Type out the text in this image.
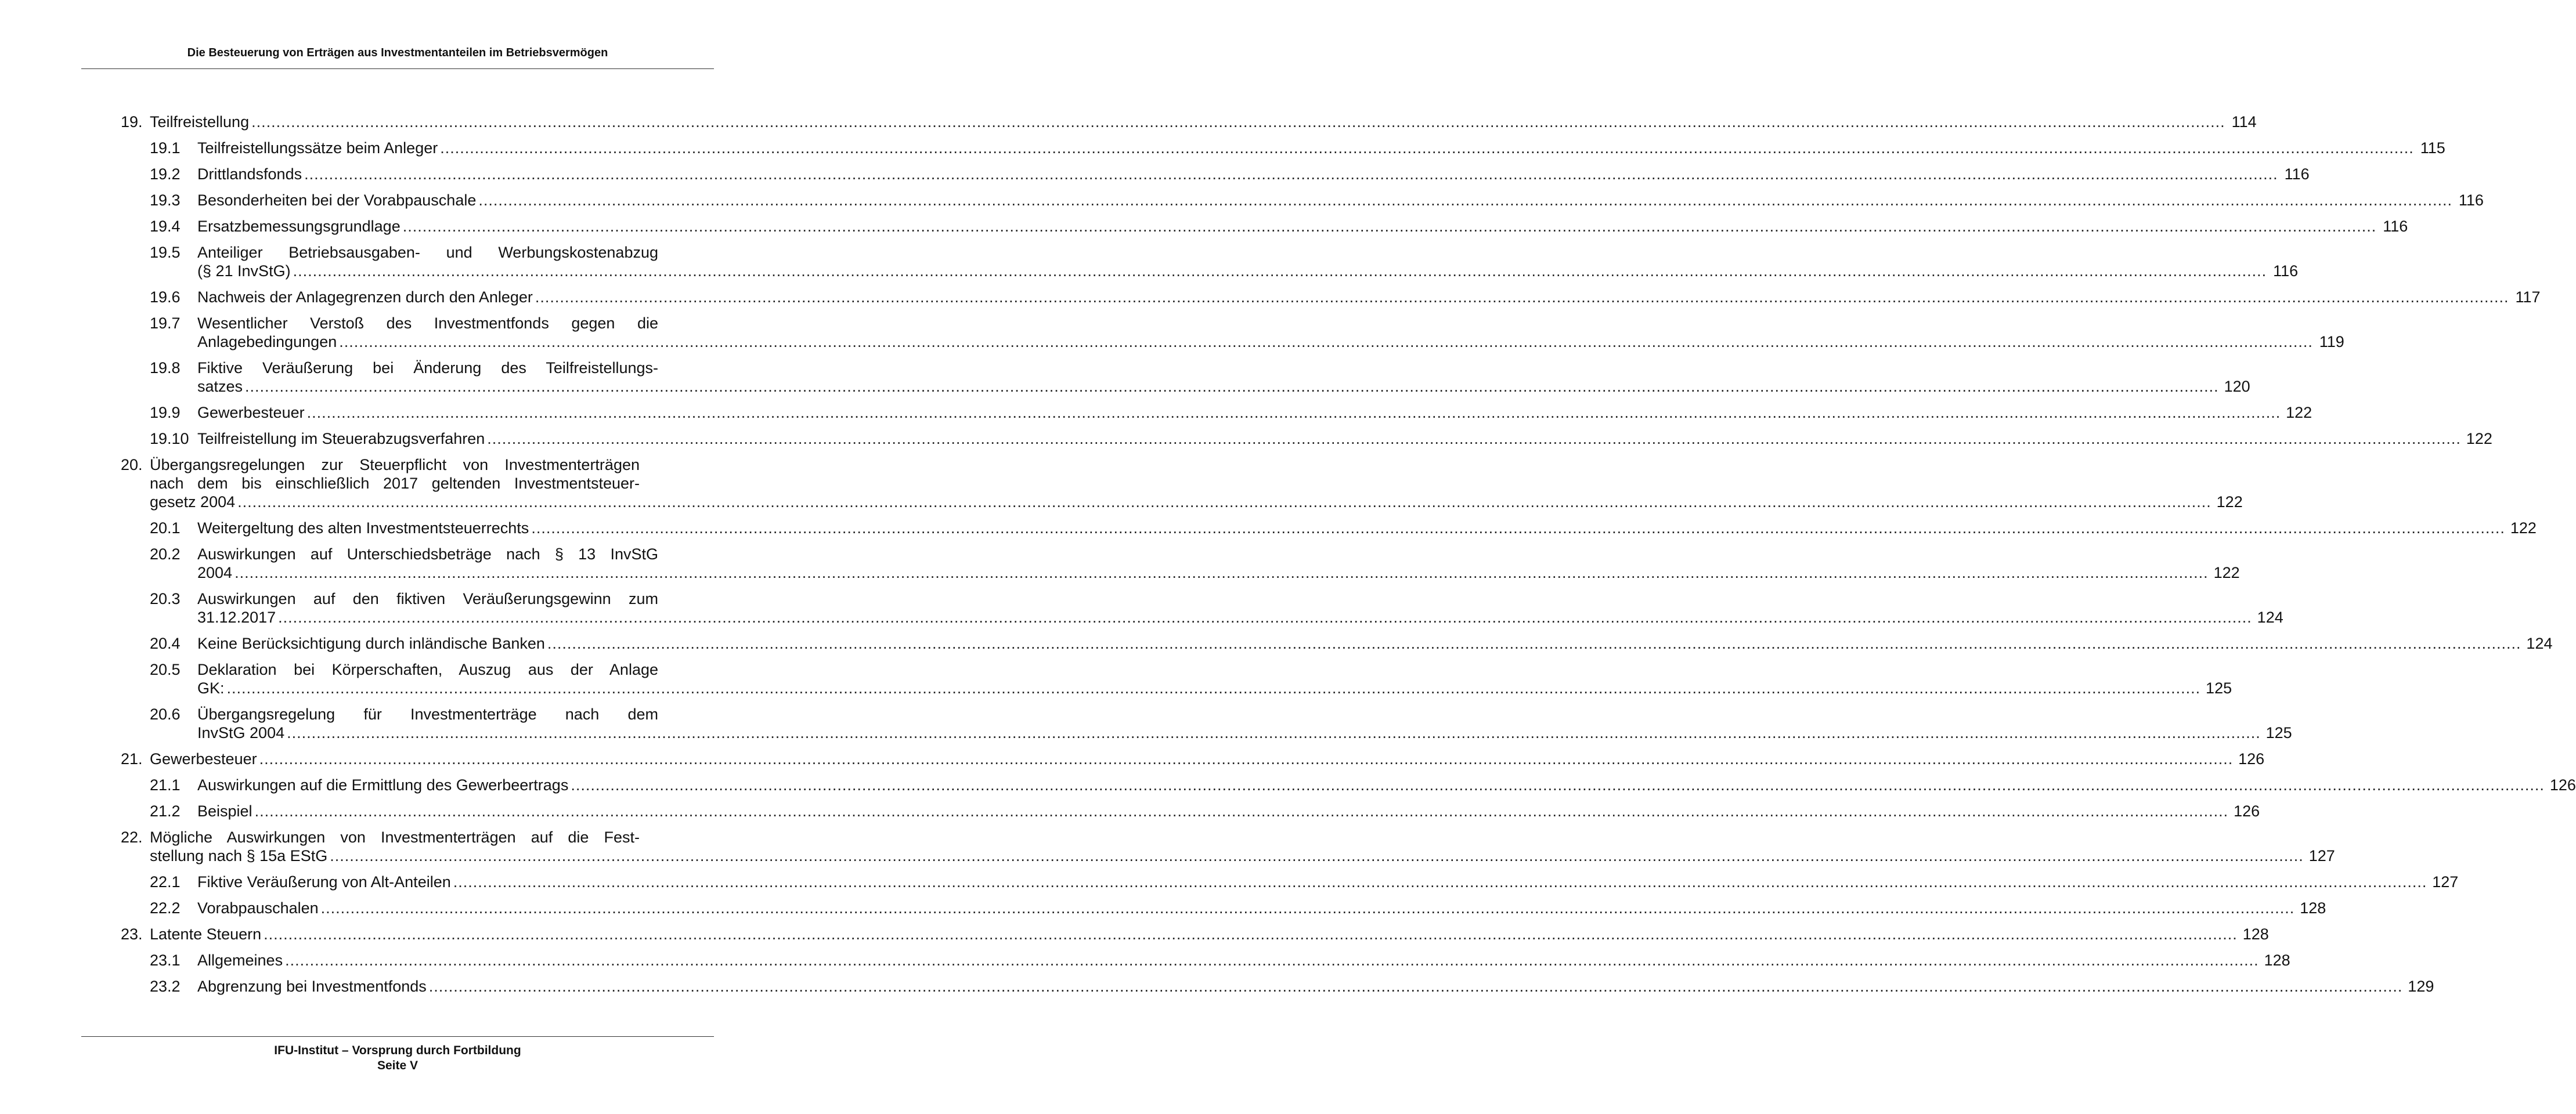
Die Besteuerung von Erträgen aus Investmentanteilen im Betriebsvermögen
19. Teilfreistellung ................................................................................................................................................................................................................................................................................................................................................................................................................ 114
19.1	Teilfreistellungssätze beim Anleger ................................................................................................................................................................................................................................................................................................................................................................................................................ 115
19.2	Drittlandsfonds ................................................................................................................................................................................................................................................................................................................................................................................................................ 116
19.3	Besonderheiten bei der Vorabpauschale ................................................................................................................................................................................................................................................................................................................................................................................................................ 116
19.4	Ersatzbemessungsgrundlage ................................................................................................................................................................................................................................................................................................................................................................................................................ 116
19.5	Anteiliger Betriebsausgaben- und Werbungskostenabzug
(§ 21 InvStG) ................................................................................................................................................................................................................................................................................................................................................................................................................ 116
19.6	Nachweis der Anlagegrenzen durch den Anleger ................................................................................................................................................................................................................................................................................................................................................................................................................ 117
19.7	Wesentlicher Verstoß des Investmentfonds gegen die
Anlagebedingungen ................................................................................................................................................................................................................................................................................................................................................................................................................ 119
19.8	Fiktive Veräußerung bei Änderung des Teilfreistellungs-
satzes ................................................................................................................................................................................................................................................................................................................................................................................................................ 120
19.9	Gewerbesteuer ................................................................................................................................................................................................................................................................................................................................................................................................................ 122
19.10 Teilfreistellung im Steuerabzugsverfahren ................................................................................................................................................................................................................................................................................................................................................................................................................ 122
20. Übergangsregelungen zur Steuerpflicht von Investmenterträgen
nach dem bis einschließlich 2017 geltenden Investmentsteuer-
gesetz 2004 ................................................................................................................................................................................................................................................................................................................................................................................................................ 122
20.1	Weitergeltung des alten Investmentsteuerrechts ................................................................................................................................................................................................................................................................................................................................................................................................................ 122
20.2	Auswirkungen auf Unterschiedsbeträge nach § 13 InvStG
2004 ................................................................................................................................................................................................................................................................................................................................................................................................................ 122
20.3	Auswirkungen auf den fiktiven Veräußerungsgewinn zum
31.12.2017 ................................................................................................................................................................................................................................................................................................................................................................................................................ 124
20.4	Keine Berücksichtigung durch inländische Banken ................................................................................................................................................................................................................................................................................................................................................................................................................ 124
20.5	Deklaration bei Körperschaften, Auszug aus der Anlage
GK: ................................................................................................................................................................................................................................................................................................................................................................................................................ 125
20.6	Übergangsregelung für Investmenterträge nach dem
InvStG 2004 ................................................................................................................................................................................................................................................................................................................................................................................................................ 125
21. Gewerbesteuer ................................................................................................................................................................................................................................................................................................................................................................................................................ 126
21.1	Auswirkungen auf die Ermittlung des Gewerbeertrags ................................................................................................................................................................................................................................................................................................................................................................................................................ 126
21.2	Beispiel ................................................................................................................................................................................................................................................................................................................................................................................................................ 126
22. Mögliche Auswirkungen von Investmenterträgen auf die Fest-
stellung nach § 15a EStG ................................................................................................................................................................................................................................................................................................................................................................................................................ 127
22.1	Fiktive Veräußerung von Alt-Anteilen ................................................................................................................................................................................................................................................................................................................................................................................................................ 127
22.2	Vorabpauschalen ................................................................................................................................................................................................................................................................................................................................................................................................................ 128
23. Latente Steuern ................................................................................................................................................................................................................................................................................................................................................................................................................ 128
23.1	Allgemeines ................................................................................................................................................................................................................................................................................................................................................................................................................ 128
23.2	Abgrenzung bei Investmentfonds ................................................................................................................................................................................................................................................................................................................................................................................................................ 129
IFU-Institut – Vorsprung durch Fortbildung
Seite V
